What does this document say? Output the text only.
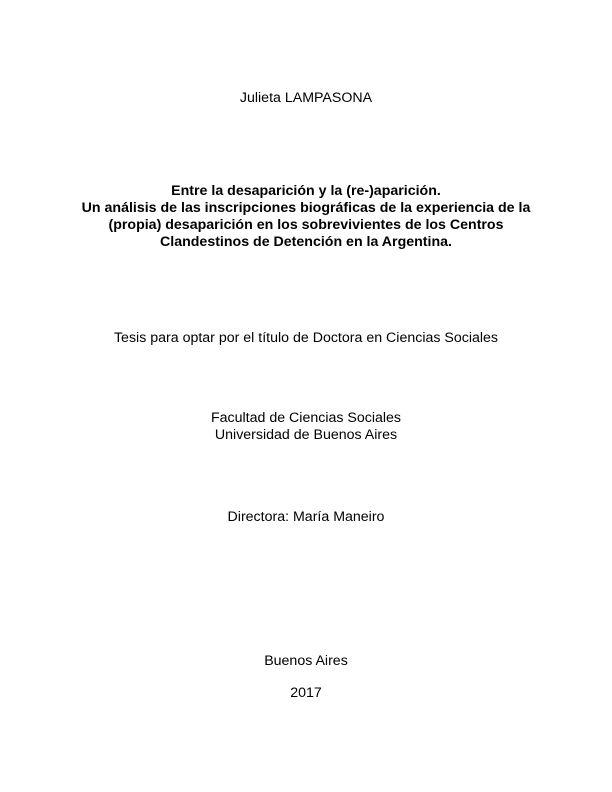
Julieta LAMPASONA
Entre la desaparición y la (re-)aparición.
Un análisis de las inscripciones biográficas de la experiencia de la
(propia) desaparición en los sobrevivientes de los Centros
Clandestinos de Detención en la Argentina.
Tesis para optar por el título de Doctora en Ciencias Sociales
Facultad de Ciencias Sociales
Universidad de Buenos Aires
Directora: María Maneiro
Buenos Aires
2017
